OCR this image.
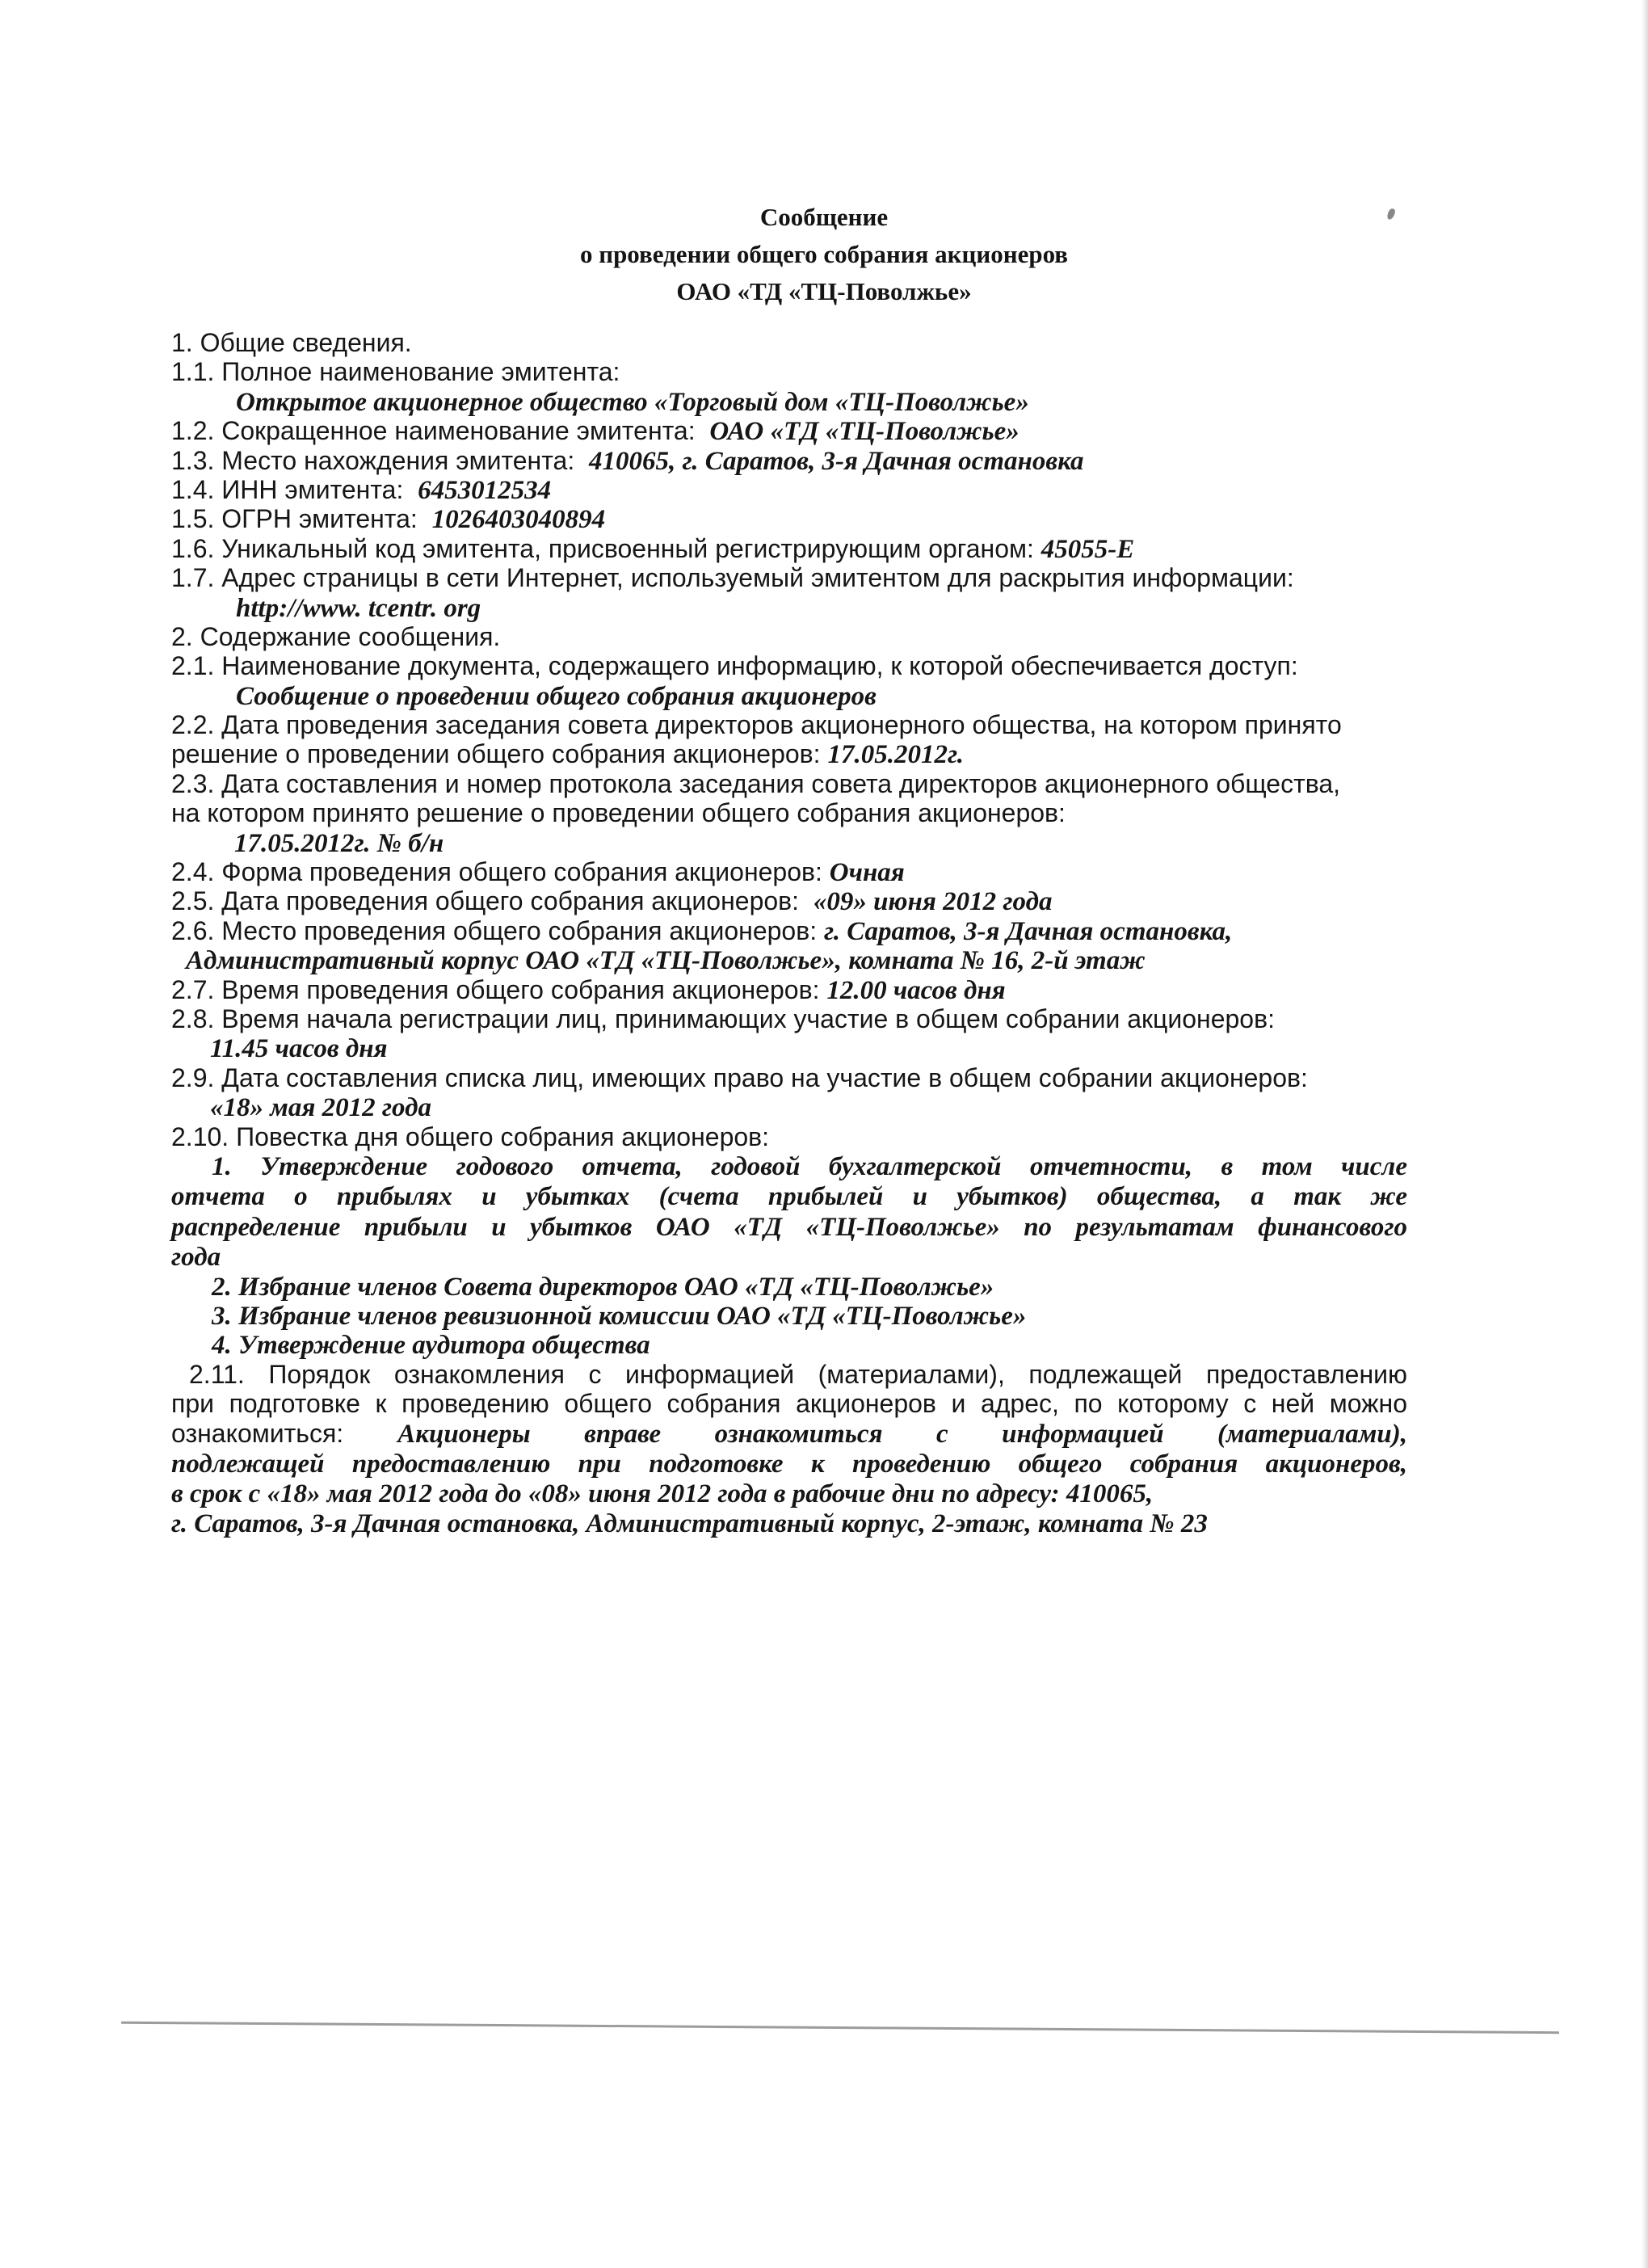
Сообщение
о проведении общего собрания акционеров
ОАО «ТД «ТЦ-Поволжье»
1. Общие сведения.
1.1. Полное наименование эмитента:
Открытое акционерное общество «Торговый дом «ТЦ-Поволжье»
1.2. Сокращенное наименование эмитента: ОАО «ТД «ТЦ-Поволжье»
1.3. Место нахождения эмитента: 410065, г. Саратов, 3-я Дачная остановка
1.4. ИНН эмитента: 6453012534
1.5. ОГРН эмитента: 1026403040894
1.6. Уникальный код эмитента, присвоенный регистрирующим органом: 45055-E
1.7. Адрес страницы в сети Интернет, используемый эмитентом для раскрытия информации:
http://www. tcentr. org
2. Содержание сообщения.
2.1. Наименование документа, содержащего информацию, к которой обеспечивается доступ:
Сообщение о проведении общего собрания акционеров
2.2. Дата проведения заседания совета директоров акционерного общества, на котором принято
решение о проведении общего собрания акционеров: 17.05.2012г.
2.3. Дата составления и номер протокола заседания совета директоров акционерного общества,
на котором принято решение о проведении общего собрания акционеров:
17.05.2012г. № б/н
2.4. Форма проведения общего собрания акционеров: Очная
2.5. Дата проведения общего собрания акционеров: «09» июня 2012 года
2.6. Место проведения общего собрания акционеров: г. Саратов, 3-я Дачная остановка,
Административный корпус ОАО «ТД «ТЦ-Поволжье», комната № 16, 2-й этаж
2.7. Время проведения общего собрания акционеров: 12.00 часов дня
2.8. Время начала регистрации лиц, принимающих участие в общем собрании акционеров:
11.45 часов дня
2.9. Дата составления списка лиц, имеющих право на участие в общем собрании акционеров:
«18» мая 2012 года
2.10. Повестка дня общего собрания акционеров:
1. Утверждение годового отчета, годовой бухгалтерской отчетности, в том числе
отчета о прибылях и убытках (счета прибылей и убытков) общества, а так же
распределение прибыли и убытков ОАО «ТД «ТЦ-Поволжье» по результатам финансового
года
2. Избрание членов Совета директоров ОАО «ТД «ТЦ-Поволжье»
3. Избрание членов ревизионной комиссии ОАО «ТД «ТЦ-Поволжье»
4. Утверждение аудитора общества
2.11. Порядок ознакомления с информацией (материалами), подлежащей предоставлению
при подготовке к проведению общего собрания акционеров и адрес, по которому с ней можно
ознакомиться: Акционеры вправе ознакомиться с информацией (материалами),
подлежащей предоставлению при подготовке к проведению общего собрания акционеров,
в срок с «18» мая 2012 года до «08» июня 2012 года в рабочие дни по адресу: 410065,
г. Саратов, 3-я Дачная остановка, Административный корпус, 2-этаж, комната № 23
